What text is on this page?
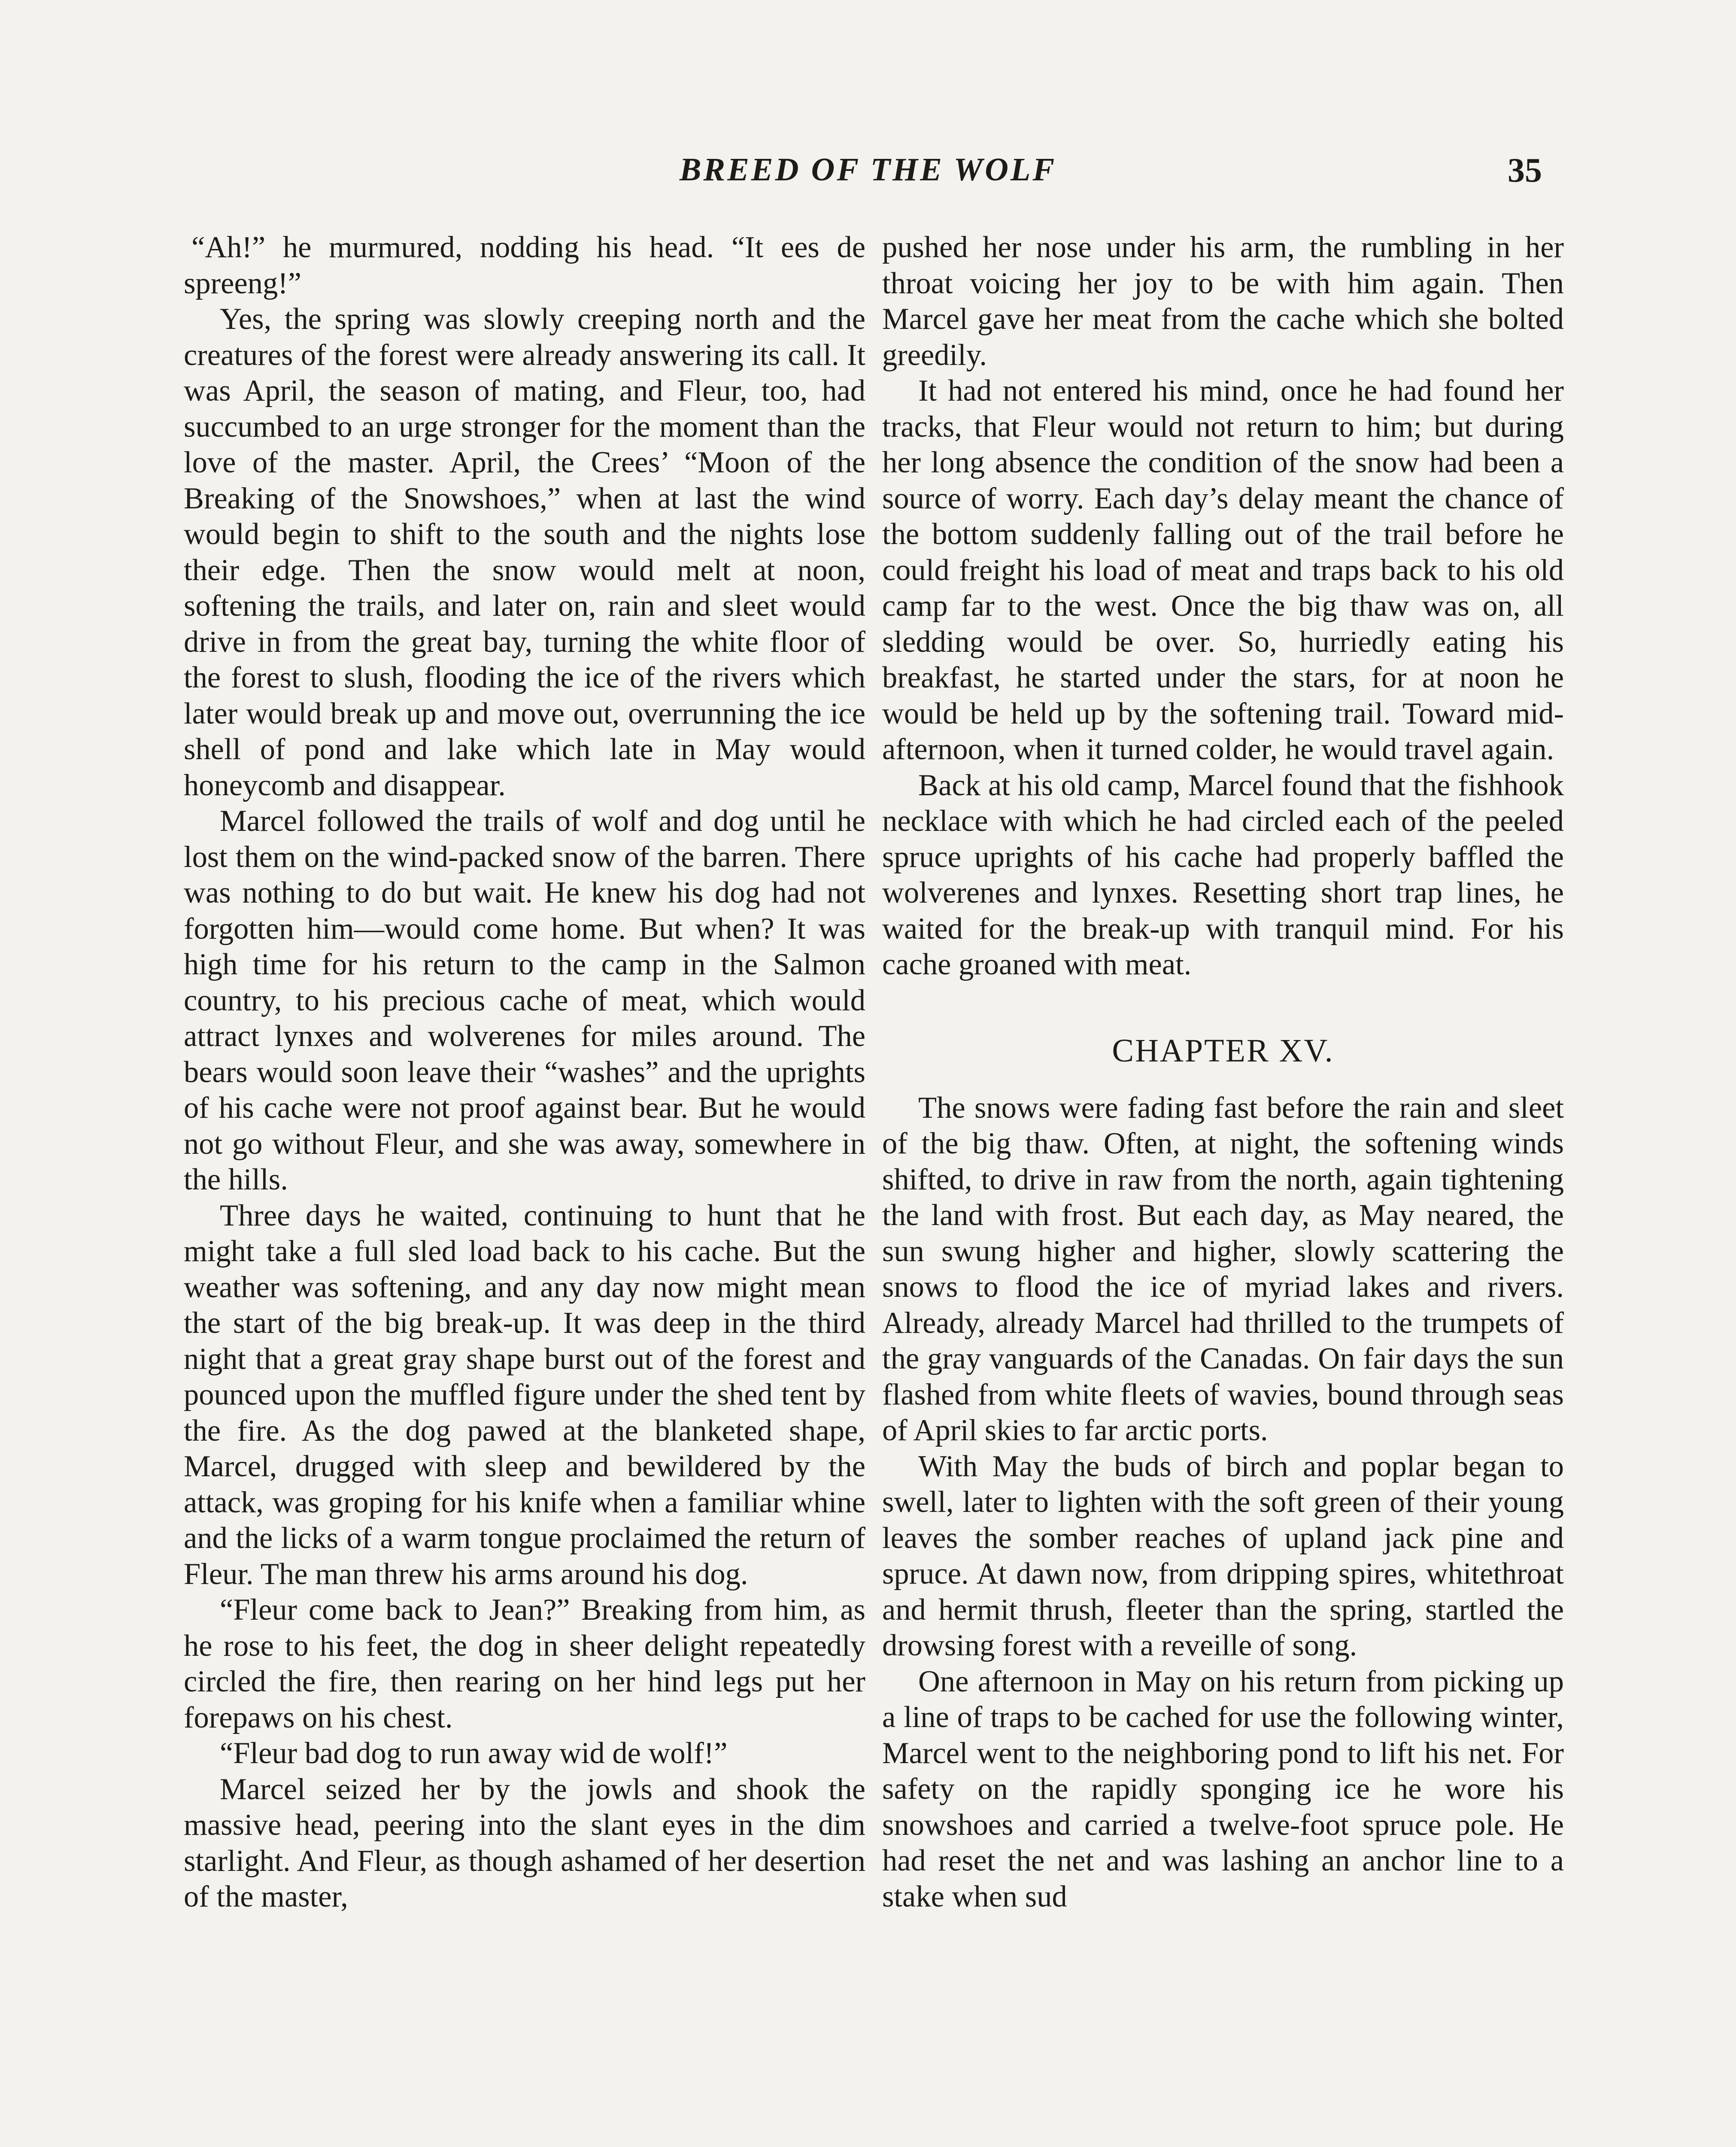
BREED OF THE WOLF	35

“Ah!” he murmured, nodding his head. “It ees de spreeng!”

Yes, the spring was slowly creeping north and the creatures of the forest were already answering its call. It was April, the season of mating, and Fleur, too, had succumbed to an urge stronger for the moment than the love of the master. April, the Crees’ “Moon of the Breaking of the Snowshoes,” when at last the wind would begin to shift to the south and the nights lose their edge. Then the snow would melt at noon, softening the trails, and later on, rain and sleet would drive in from the great bay, turning the white floor of the forest to slush, flooding the ice of the rivers which later would break up and move out, overrunning the ice shell of pond and lake which late in May would honeycomb and disappear.

Marcel followed the trails of wolf and dog until he lost them on the wind-packed snow of the barren. There was nothing to do but wait. He knew his dog had not forgotten him—would come home. But when? It was high time for his return to the camp in the Salmon country, to his precious cache of meat, which would attract lynxes and wolverenes for miles around. The bears would soon leave their “washes” and the uprights of his cache were not proof against bear. But he would not go without Fleur, and she was away, somewhere in the hills.

Three days he waited, continuing to hunt that he might take a full sled load back to his cache. But the weather was softening, and any day now might mean the start of the big break-up. It was deep in the third night that a great gray shape burst out of the forest and pounced upon the muffled figure under the shed tent by the fire. As the dog pawed at the blanketed shape, Marcel, drugged with sleep and bewildered by the attack, was groping for his knife when a familiar whine and the licks of a warm tongue proclaimed the return of Fleur. The man threw his arms around his dog.

“Fleur come back to Jean?” Breaking from him, as he rose to his feet, the dog in sheer delight repeatedly circled the fire, then rearing on her hind legs put her forepaws on his chest.

“Fleur bad dog to run away wid de wolf!”

Marcel seized her by the jowls and shook the massive head, peering into the slant eyes in the dim starlight. And Fleur, as though ashamed of her desertion of the master,

pushed her nose under his arm, the rumbling in her throat voicing her joy to be with him again. Then Marcel gave her meat from the cache which she bolted greedily.

It had not entered his mind, once he had found her tracks, that Fleur would not return to him; but during her long absence the condition of the snow had been a source of worry. Each day’s delay meant the chance of the bottom suddenly falling out of the trail before he could freight his load of meat and traps back to his old camp far to the west. Once the big thaw was on, all sledding would be over. So, hurriedly eating his breakfast, he started under the stars, for at noon he would be held up by the softening trail. Toward mid-afternoon, when it turned colder, he would travel again.

Back at his old camp, Marcel found that the fishhook necklace with which he had circled each of the peeled spruce uprights of his cache had properly baffled the wolverenes and lynxes. Resetting short trap lines, he waited for the break-up with tranquil mind. For his cache groaned with meat.

CHAPTER XV.

The snows were fading fast before the rain and sleet of the big thaw. Often, at night, the softening winds shifted, to drive in raw from the north, again tightening the land with frost. But each day, as May neared, the sun swung higher and higher, slowly scattering the snows to flood the ice of myriad lakes and rivers. Already, already Marcel had thrilled to the trumpets of the gray vanguards of the Canadas. On fair days the sun flashed from white fleets of wavies, bound through seas of April skies to far arctic ports.

With May the buds of birch and poplar began to swell, later to lighten with the soft green of their young leaves the somber reaches of upland jack pine and spruce. At dawn now, from dripping spires, whitethroat and hermit thrush, fleeter than the spring, startled the drowsing forest with a reveille of song.

One afternoon in May on his return from picking up a line of traps to be cached for use the following winter, Marcel went to the neighboring pond to lift his net. For safety on the rapidly sponging ice he wore his snowshoes and carried a twelve-foot spruce pole. He had reset the net and was lashing an anchor line to a stake when sud
